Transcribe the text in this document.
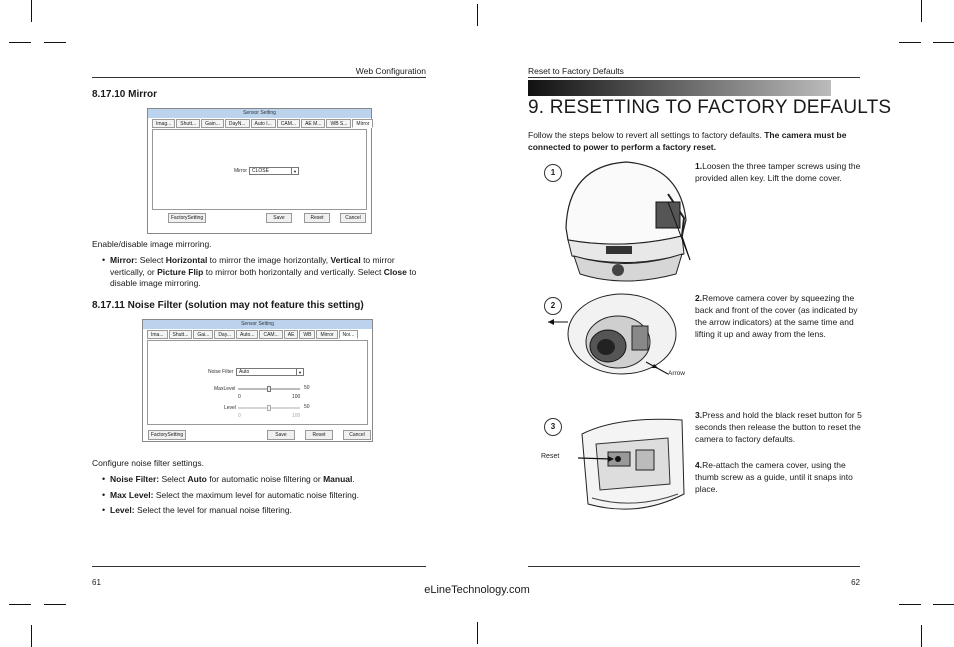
Web Configuration
8.17.10 Mirror
Sensor Setting
Imag...	Shutt...	Gain...	DayN...	Auto I...	CAM...	AE M...	WB S...	Mirror
Mirror CLOSE	▼
FactorySetting	Save	Reset	Cancel

Enable/disable image mirroring.

• Mirror: Select Horizontal to mirror the image horizontally, Vertical to mirror vertically, or Picture Flip to mirror both horizontally and vertically. Select Close to disable image mirroring.
8.17.11 Noise Filter (solution may not feature this setting)
Sensor Setting
Ima...	Shutt...	Gai...	Day...	Auto...	CAM...	AE	WB	Mirror	Noi...
Noise Filter	Auto	▼
MaxLevel	50
0	100
Level	50
0	100
FactorySetting	Save	Reset	Cancel

Configure noise filter settings.

• Noise Filter: Select Auto for automatic noise filtering or Manual.
• Max Level: Select the maximum level for automatic noise filtering.
• Level: Select the level for manual noise filtering.
61
Reset to Factory Defaults
9. RESETTING TO FACTORY DEFAULTS

Follow the steps below to revert all settings to factory defaults. The camera must be connected to power to perform a factory reset.

1
1.Loosen the three tamper screws using the provided allen key. Lift the dome cover.
2
Arrow
2.Remove camera cover by squeezing the back and front of the cover (as indicated by the arrow indicators) at the same time and lifting it up and away from the lens.
3
Reset
3.Press and hold the black reset button for 5 seconds then release the button to reset the camera to factory defaults.
4.Re-attach the camera cover, using the thumb screw as a guide, until it snaps into place.
62
eLineTechnology.com
